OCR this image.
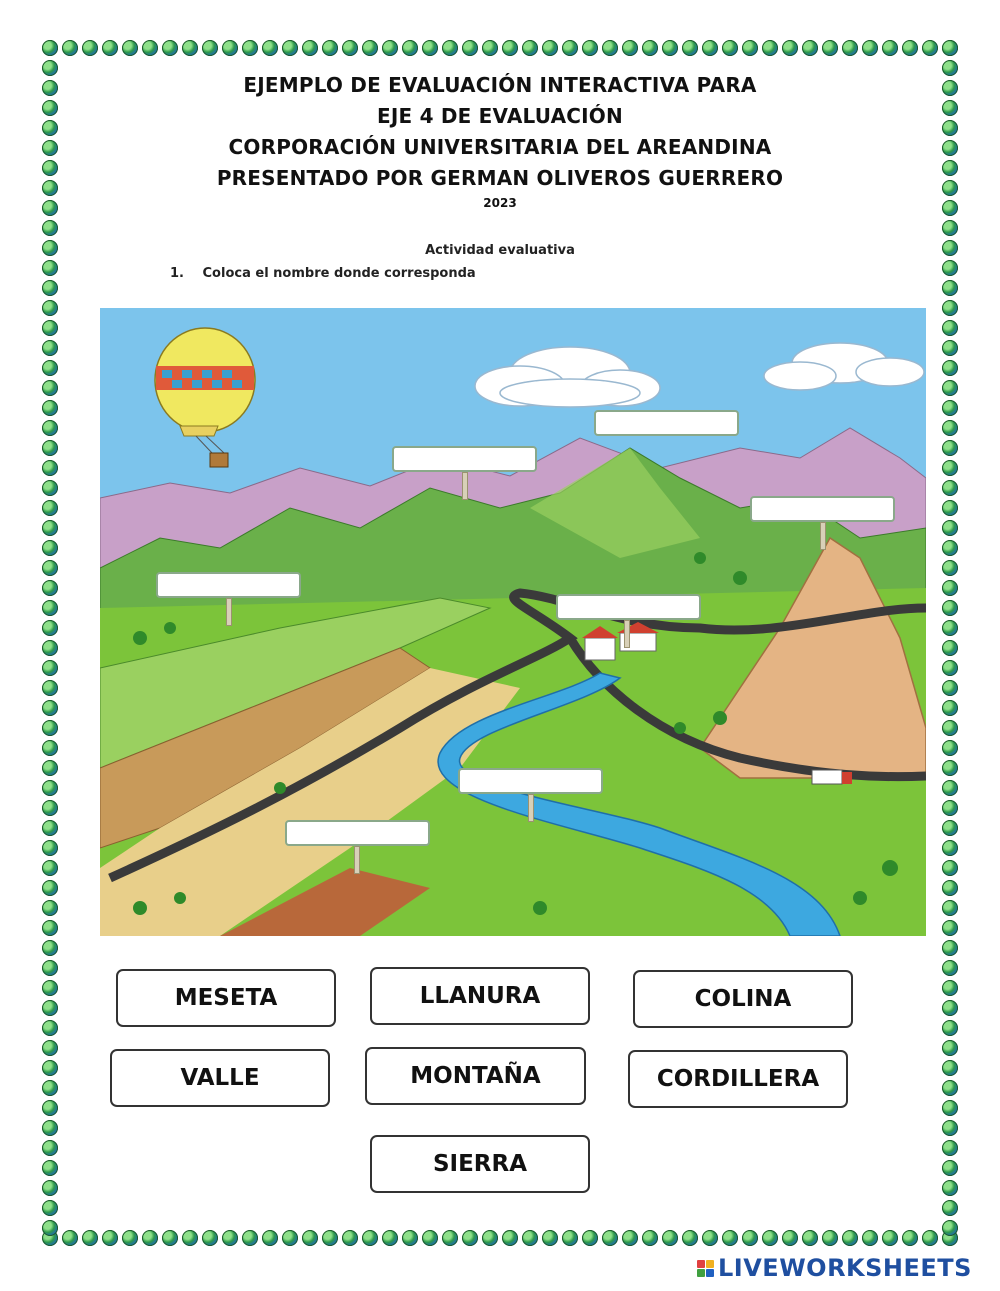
EJEMPLO DE EVALUACIÓN INTERACTIVA PARA
EJE 4 DE EVALUACIÓN
CORPORACIÓN UNIVERSITARIA DEL AREANDINA
PRESENTADO POR GERMAN OLIVEROS GUERRERO
2023
Actividad evaluativa
1. Coloca el nombre donde corresponda
MESETA	LLANURA	COLINA
VALLE	MONTAÑA	CORDILLERA
SIERRA
LIVEWORKSHEETS
